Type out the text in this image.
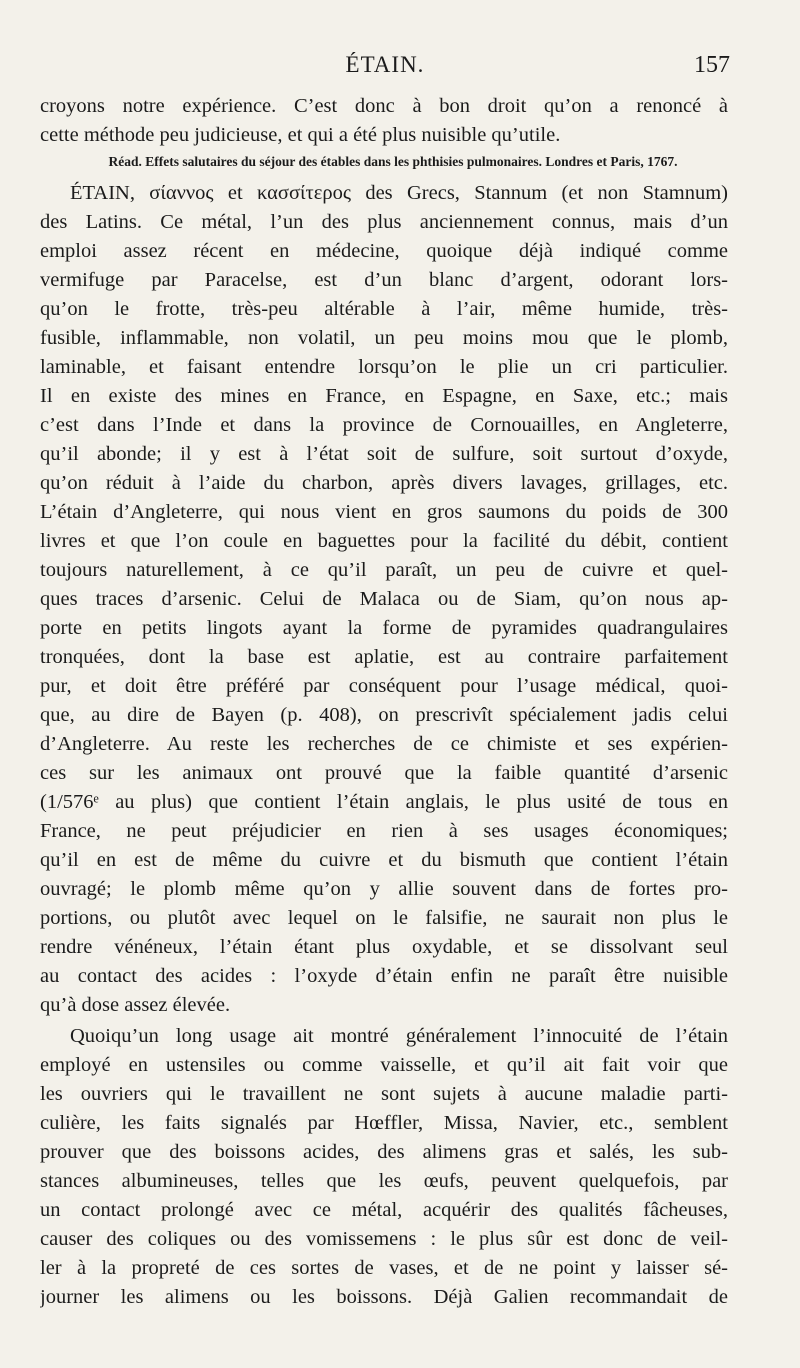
ÉTAIN.	157
croyons notre expérience. C’est donc à bon droit qu’on a renoncé à
cette méthode peu judicieuse, et qui a été plus nuisible qu’utile.
Réad. Effets salutaires du séjour des étables dans les phthisies pulmonaires. Londres et Paris, 1767.
ÉTAIN, σίαννος et κασσίτερος des Grecs, Stannum (et non Stamnum)
des Latins. Ce métal, l’un des plus anciennement connus, mais d’un
emploi assez récent en médecine, quoique déjà indiqué comme
vermifuge par Paracelse, est d’un blanc d’argent, odorant lors-
qu’on le frotte, très-peu altérable à l’air, même humide, très-
fusible, inflammable, non volatil, un peu moins mou que le plomb,
laminable, et faisant entendre lorsqu’on le plie un cri particulier.
Il en existe des mines en France, en Espagne, en Saxe, etc.; mais
c’est dans l’Inde et dans la province de Cornouailles, en Angleterre,
qu’il abonde; il y est à l’état soit de sulfure, soit surtout d’oxyde,
qu’on réduit à l’aide du charbon, après divers lavages, grillages, etc.
L’étain d’Angleterre, qui nous vient en gros saumons du poids de 300
livres et que l’on coule en baguettes pour la facilité du débit, contient
toujours naturellement, à ce qu’il paraît, un peu de cuivre et quel-
ques traces d’arsenic. Celui de Malaca ou de Siam, qu’on nous ap-
porte en petits lingots ayant la forme de pyramides quadrangulaires
tronquées, dont la base est aplatie, est au contraire parfaitement
pur, et doit être préféré par conséquent pour l’usage médical, quoi-
que, au dire de Bayen (p. 408), on prescrivît spécialement jadis celui
d’Angleterre. Au reste les recherches de ce chimiste et ses expérien-
ces sur les animaux ont prouvé que la faible quantité d’arsenic
(1/576ᵉ au plus) que contient l’étain anglais, le plus usité de tous en
France, ne peut préjudicier en rien à ses usages économiques;
qu’il en est de même du cuivre et du bismuth que contient l’étain
ouvragé; le plomb même qu’on y allie souvent dans de fortes pro-
portions, ou plutôt avec lequel on le falsifie, ne saurait non plus le
rendre vénéneux, l’étain étant plus oxydable, et se dissolvant seul
au contact des acides : l’oxyde d’étain enfin ne paraît être nuisible
qu’à dose assez élevée.
Quoiqu’un long usage ait montré généralement l’innocuité de l’étain
employé en ustensiles ou comme vaisselle, et qu’il ait fait voir que
les ouvriers qui le travaillent ne sont sujets à aucune maladie parti-
culière, les faits signalés par Hœffler, Missa, Navier, etc., semblent
prouver que des boissons acides, des alimens gras et salés, les sub-
stances albumineuses, telles que les œufs, peuvent quelquefois, par
un contact prolongé avec ce métal, acquérir des qualités fâcheuses,
causer des coliques ou des vomissemens : le plus sûr est donc de veil-
ler à la propreté de ces sortes de vases, et de ne point y laisser sé-
journer les alimens ou les boissons. Déjà Galien recommandait de
